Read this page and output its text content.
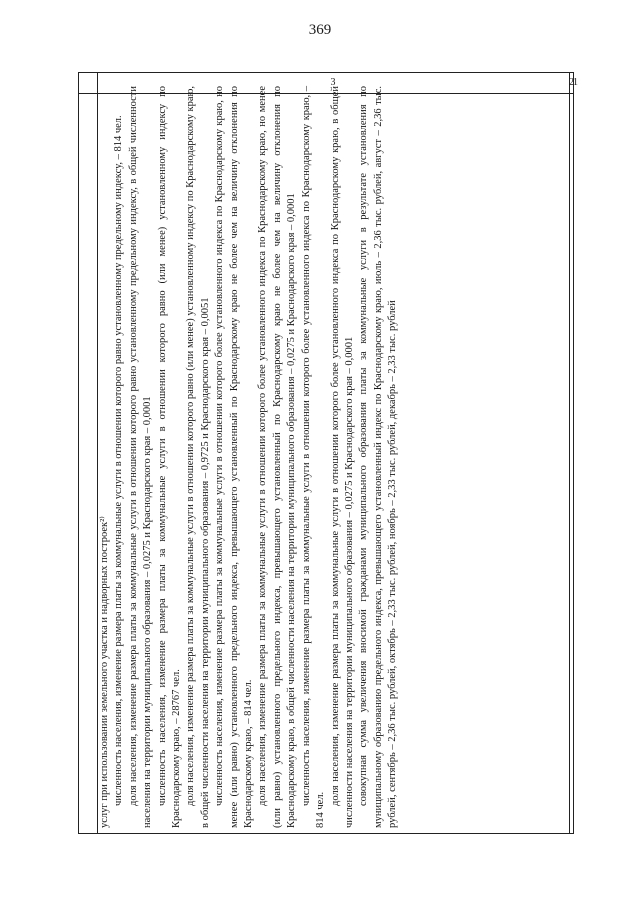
369
3	2 1

услуг при использовании земельного участка и надворных построек²⁾ численность населения, изменение размера платы за коммунальные услуги в отношении которого равно установленному предельному индексу, – 814 чел. доля населения, изменение размера платы за коммунальные услуги в отношении которого равно установленному предельному индексу, в общей численности населения на территории муниципального образования – 0,0275 и Краснодарского края – 0,0001 численность населения, изменение размера платы за коммунальные услуги в отношении которого равно (или менее) установленному индексу по Краснодарскому краю, – 28767 чел. доля населения, изменение размера платы за коммунальные услуги в отношении которого равно (или менее) установленному индексу по Краснодарскому краю, в общей численности населения на территории муниципального образования – 0,9725 и Краснодарского края – 0,0051 численность населения, изменение размера платы за коммунальные услуги в отношении которого более установленного индекса по Краснодарскому краю, но менее (или равно) установленного предельного индекса, превышающего установленный по Краснодарскому краю не более чем на величину отклонения по Краснодарскому краю, – 814 чел. доля населения, изменение размера платы за коммунальные услуги в отношении которого более установленного индекса по Краснодарскому краю, но менее (или равно) установленного предельного индекса, превышающего установленный по Краснодарскому краю не более чем на величину отклонения по Краснодарскому краю, в общей численности населения на территории муниципального образования – 0,0275 и Краснодарского края – 0,0001 численность населения, изменение размера платы за коммунальные услуги в отношении которого более установленного индекса по Краснодарскому краю, – 814 чел.

доля населения, изменение размера платы за коммунальные услуги в отношении которого более установленного индекса по Краснодарскому краю, в общей численности населения на территории муниципального образования – 0,0275 и Краснодарского края – 0,0001 совокупная сумма увеличения вносимой гражданами муниципального образования платы за коммунальные услуги в результате установления по муниципальному образованию предельного индекса, превышающего установленный индекс по Краснодарскому краю, июль – 2,36 тыс. рублей, август – 2,36 тыс. рублей, сентябрь – 2,36 тыс. рублей, октябрь – 2,33 тыс. рублей, ноябрь – 2,33 тыс. рублей, декабрь – 2,33 тыс. рублей
